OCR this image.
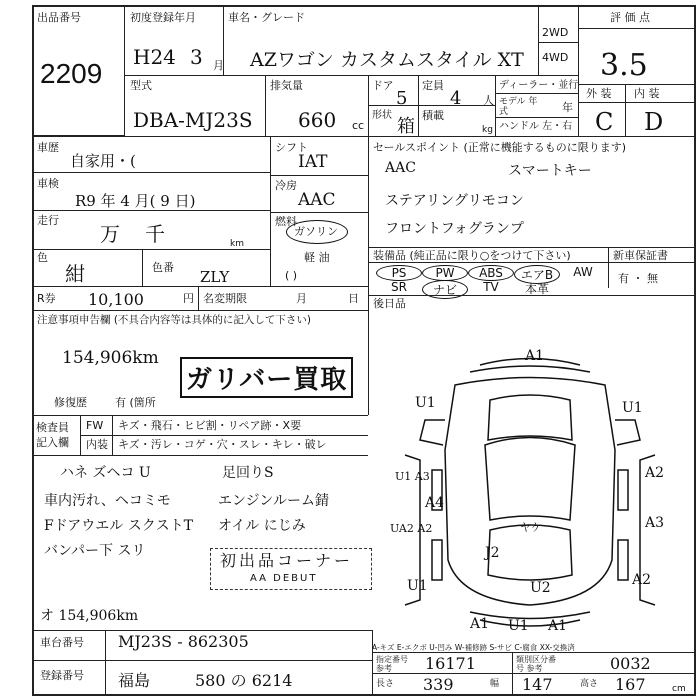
出品番号
2209
初度登録年月
H24 3 月
車名・グレード
AZワゴン カスタムスタイル XT
2WD
4WD
評 価 点
3.5
型式
DBA-MJ23S
排気量
660 cc
ドア
5
定員
4 人
形状
箱
積載
kg
ディーラー・並行
モデル 年式	年
ハンドル 左・右
外 装 内 装
C D
車歴
自家用・(
車検
R9 年 4 月( 9 日)
走行
万 千	km
色
紺	色番
ZLY
シフト
IAT
冷房
AAC
燃料
ガソリン
軽 油
( )
セールスポイント (正常に機能するものに限ります)
AAC	スマートキー
ステアリングリモコン
フロントフォグランプ
装備品 (純正品に限り○をつけて下さい)	新車保証書
有 ・ 無
PS	PW	ABS	エアB	AW
SR	ナビ	TV	本革
後日品
R券 10,100	円 名変期限	月	日
注意事項申告欄 (不具合内容等は具体的に記入して下さい)
154,906km
ガリバー買取
修復歴	有 (箇所
検査員 記入欄
FW キズ・飛石・ヒビ割・リペア跡・X要
内装 キズ・汚レ・コゲ・穴・スレ・キレ・破レ
ハネ ズヘコ U
車内汚れ、ヘコミモ
Fドアウエル スクストT
バンパー下 スリ
足回りS
エンジンルーム錆
オイル にじみ
初出品コーナー
AA DEBUT
オ 154,906km
A1
U1	U1
U1 A3
A4
A2
A3
UA2 A2
U1	A2
ヤケ
J2
U2
A1 U1 A1
A-キズ E-エクボ U-凹み W-補修跡 S-サビ C-腐食 XX-交換済
車台番号 MJ23S - 862305
登録番号 福島	580 の 6214
指定番号 参考	16171	類別区分番号 参考	0032
長さ 339	幅 147	高さ 167	cm
